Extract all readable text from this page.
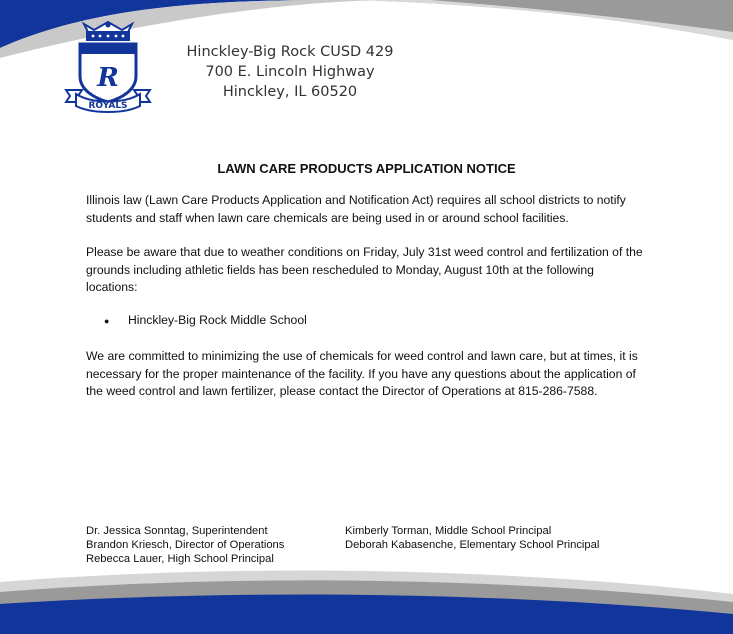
R
ROYALS
Hinckley-Big Rock CUSD 429
700 E. Lincoln Highway
Hinckley, IL 60520
LAWN CARE PRODUCTS APPLICATION NOTICE
Illinois law (Lawn Care Products Application and Notification Act) requires all school districts to notify students and staff when lawn care chemicals are being used in or around school facilities.
Please be aware that due to weather conditions on Friday, July 31st weed control and fertilization of the grounds including athletic fields has been rescheduled to Monday, August 10th at the following locations:
● Hinckley-Big Rock Middle School
We are committed to minimizing the use of chemicals for weed control and lawn care, but at times, it is necessary for the proper maintenance of the facility. If you have any questions about the application of the weed control and lawn fertilizer, please contact the Director of Operations at 815-286-7588.
Dr. Jessica Sonntag, Superintendent
Brandon Kriesch, Director of Operations
Rebecca Lauer, High School Principal
Kimberly Torman, Middle School Principal
Deborah Kabasenche, Elementary School Principal
